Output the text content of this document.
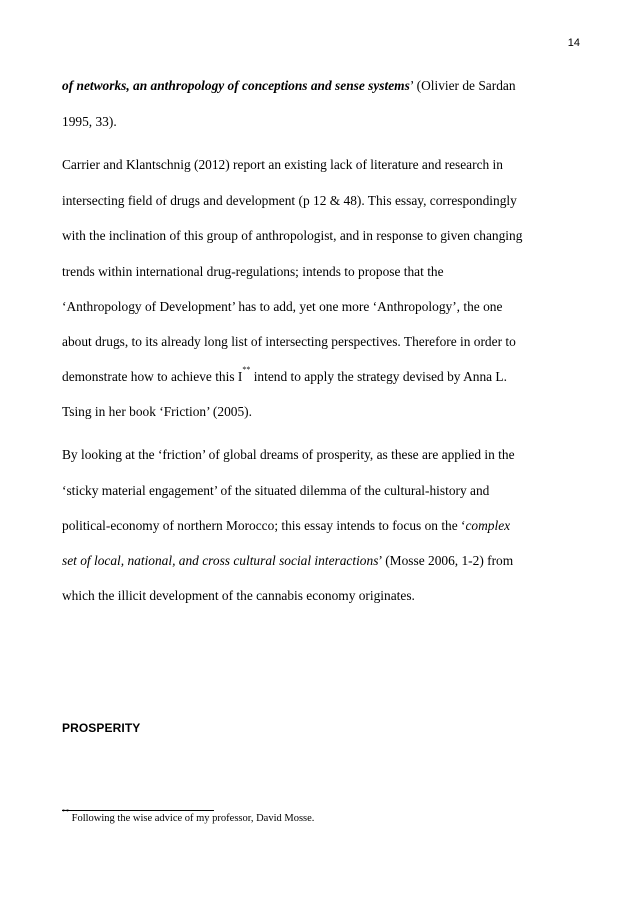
14
of networks, an anthropology of conceptions and sense systems’ (Olivier de Sardan
1995, 33).
Carrier and Klantschnig (2012) report an existing lack of literature and research in
intersecting field of drugs and development (p 12 & 48). This essay, correspondingly
with the inclination of this group of anthropologist, and in response to given changing
trends within international drug-regulations; intends to propose that the
‘Anthropology of Development’ has to add, yet one more ‘Anthropology’, the one
about drugs, to its already long list of intersecting perspectives. Therefore in order to
demonstrate how to achieve this I** intend to apply the strategy devised by Anna L.
Tsing in her book ‘Friction’ (2005).
By looking at the ‘friction’ of global dreams of prosperity, as these are applied in the
‘sticky material engagement’ of the situated dilemma of the cultural-history and
political-economy of northern Morocco; this essay intends to focus on the ‘complex
set of local, national, and cross cultural social interactions’ (Mosse 2006, 1-2) from
which the illicit development of the cannabis economy originates.
PROSPERITY
** Following the wise advice of my professor, David Mosse.
